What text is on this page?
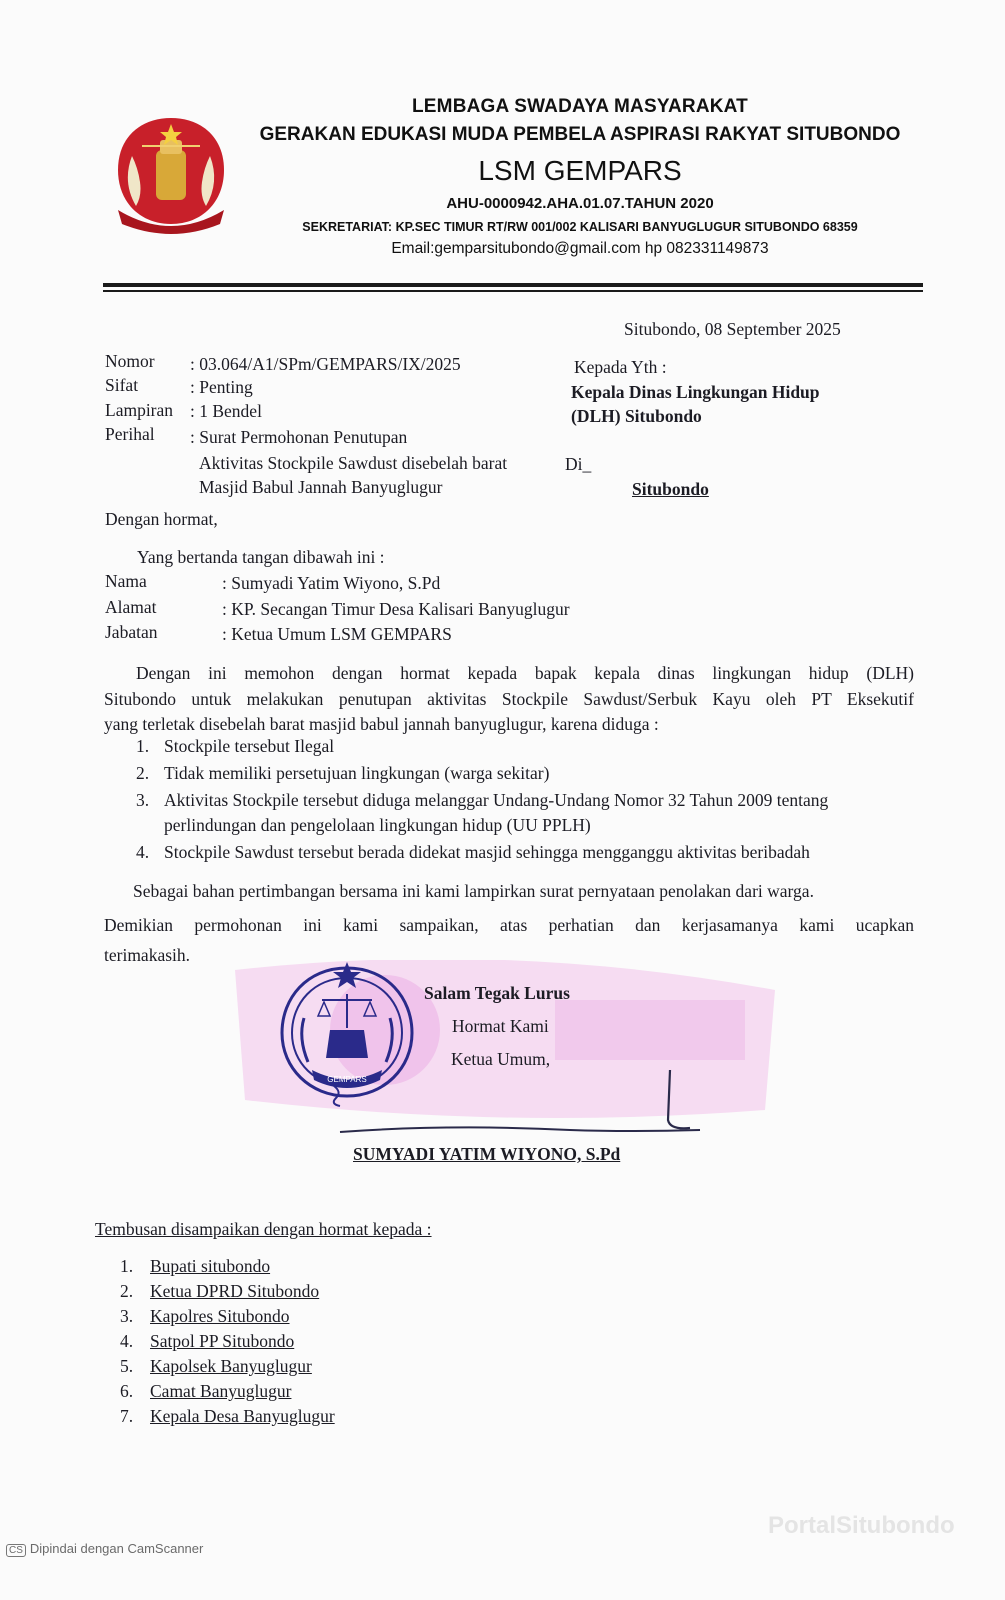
LEMBAGA SWADAYA MASYARAKAT
GERAKAN EDUKASI MUDA PEMBELA ASPIRASI RAKYAT SITUBONDO
LSM GEMPARS
AHU-0000942.AHA.01.07.TAHUN 2020
SEKRETARIAT: KP.SEC TIMUR RT/RW 001/002 KALISARI BANYUGLUGUR SITUBONDO 68359
Email:gemparsitubondo@gmail.com hp 082331149873
Situbondo, 08 September 2025
Nomor : 03.064/A1/SPm/GEMPARS/IX/2025
Sifat	: Penting
Lampiran : 1 Bendel
Perihal : Surat Permohonan Penutupan
Aktivitas Stockpile Sawdust disebelah barat
Masjid Babul Jannah Banyuglugur
Kepada Yth :
Kepala Dinas Lingkungan Hidup
(DLH) Situbondo
Di_
Situbondo
Dengan hormat,
Yang bertanda tangan dibawah ini :
Nama	: Sumyadi Yatim Wiyono, S.Pd
Alamat	: KP. Secangan Timur Desa Kalisari Banyuglugur
Jabatan	: Ketua Umum LSM GEMPARS
Dengan ini memohon dengan hormat kepada bapak kepala dinas lingkungan hidup (DLH)
Situbondo untuk melakukan penutupan aktivitas Stockpile Sawdust/Serbuk Kayu oleh PT Eksekutif
yang terletak disebelah barat masjid babul jannah banyuglugur, karena diduga :
1. Stockpile tersebut Ilegal
2. Tidak memiliki persetujuan lingkungan (warga sekitar)
3. Aktivitas Stockpile tersebut diduga melanggar Undang-Undang Nomor 32 Tahun 2009 tentang
perlindungan dan pengelolaan lingkungan hidup (UU PPLH)
4. Stockpile Sawdust tersebut berada didekat masjid sehingga mengganggu aktivitas beribadah
Sebagai bahan pertimbangan bersama ini kami lampirkan surat pernyataan penolakan dari warga.
Demikian permohonan ini kami sampaikan, atas perhatian dan kerjasamanya kami ucapkan
terimakasih.
GEMPARS
Salam Tegak Lurus
Hormat Kami
Ketua Umum,
SUMYADI YATIM WIYONO, S.Pd
Tembusan disampaikan dengan hormat kepada :
1. Bupati situbondo
2. Ketua DPRD Situbondo
3. Kapolres Situbondo
4. Satpol PP Situbondo
5. Kapolsek Banyuglugur
6. Camat Banyuglugur
7. Kepala Desa Banyuglugur
PortalSitubondo
CS Dipindai dengan CamScanner
